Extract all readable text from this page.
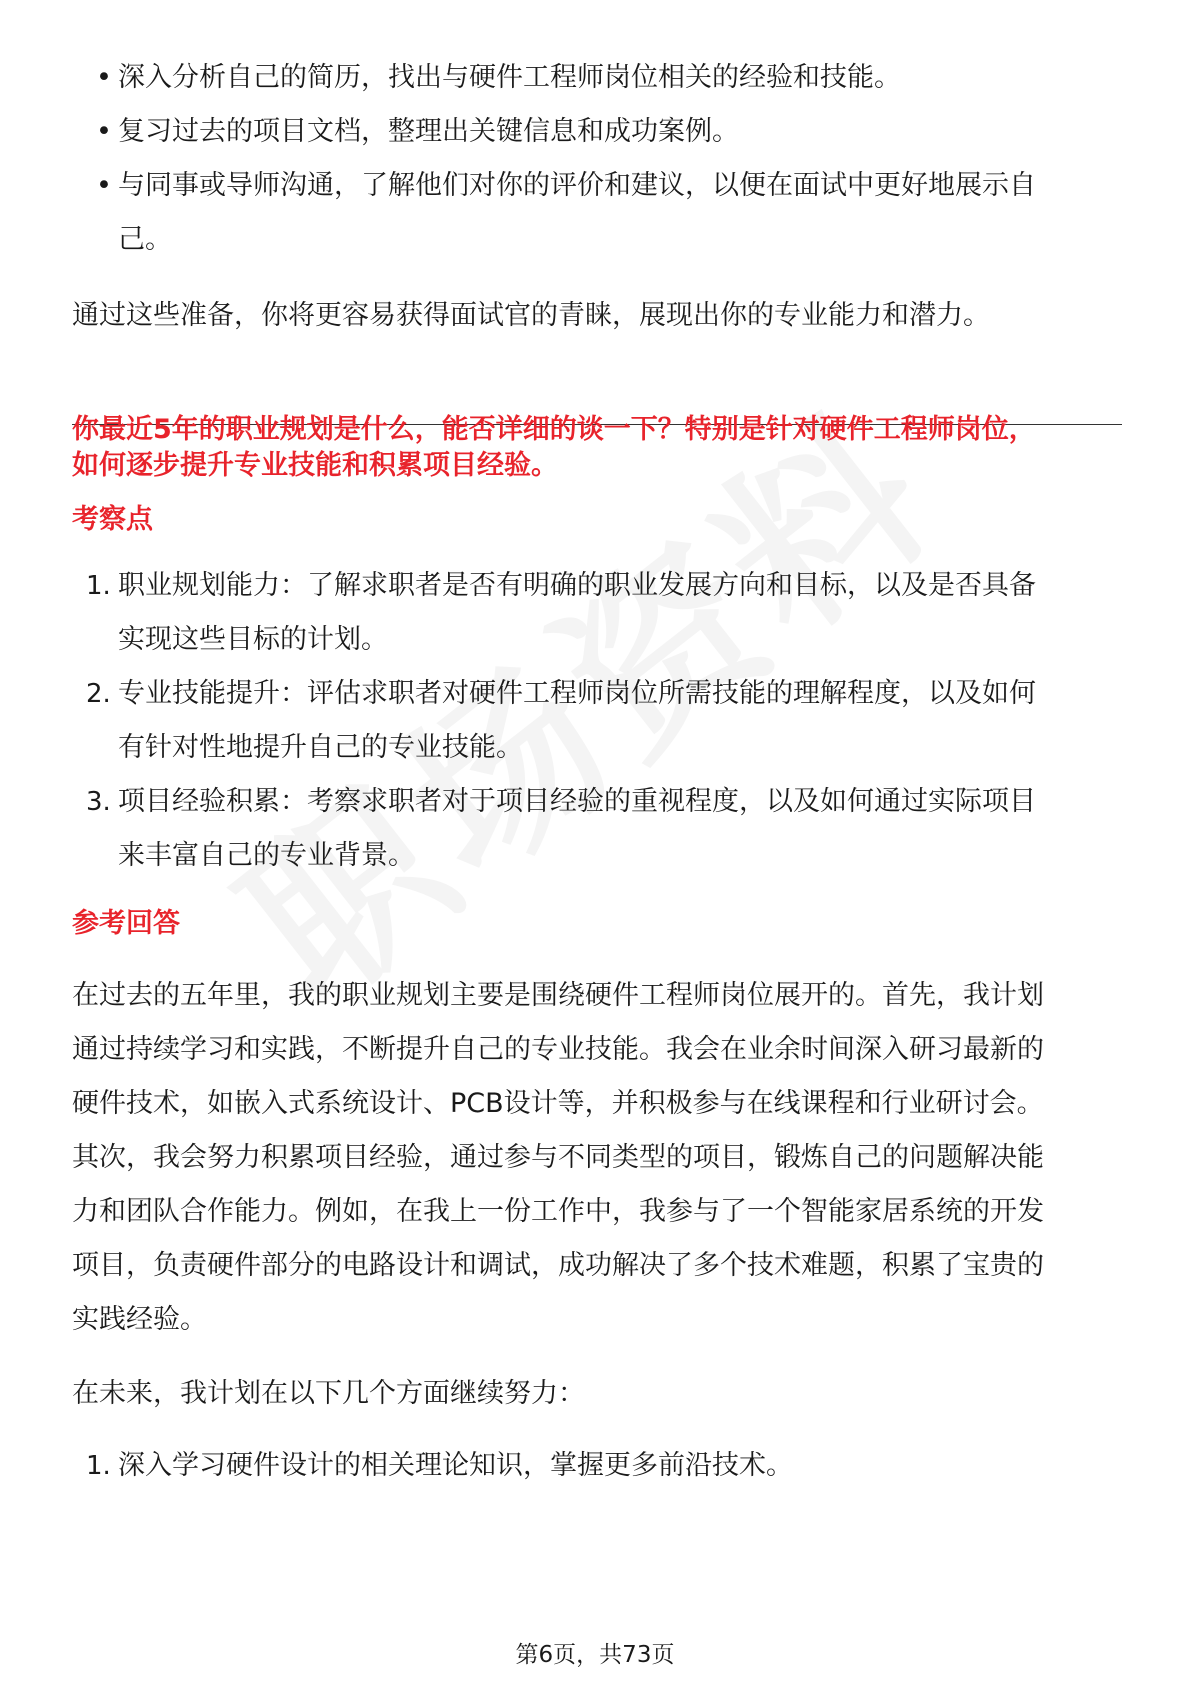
• 深入分析自己的简历，找出与硬件工程师岗位相关的经验和技能。
• 复习过去的项目文档，整理出关键信息和成功案例。
• 与同事或导师沟通，了解他们对你的评价和建议，以便在面试中更好地展示自
己。
通过这些准备，你将更容易获得面试官的青睐，展现出你的专业能力和潜力。
你最近5年的职业规划是什么，能否详细的谈一下？特别是针对硬件工程师岗位，
如何逐步提升专业技能和积累项目经验。
考察点
1. 职业规划能力：了解求职者是否有明确的职业发展方向和目标，以及是否具备
实现这些目标的计划。
2. 专业技能提升：评估求职者对硬件工程师岗位所需技能的理解程度，以及如何
有针对性地提升自己的专业技能。
3. 项目经验积累：考察求职者对于项目经验的重视程度，以及如何通过实际项目
来丰富自己的专业背景。
参考回答
在过去的五年里，我的职业规划主要是围绕硬件工程师岗位展开的。首先，我计划
通过持续学习和实践，不断提升自己的专业技能。我会在业余时间深入研习最新的
硬件技术，如嵌入式系统设计、PCB设计等，并积极参与在线课程和行业研讨会。
其次，我会努力积累项目经验，通过参与不同类型的项目，锻炼自己的问题解决能
力和团队合作能力。例如，在我上一份工作中，我参与了一个智能家居系统的开发
项目，负责硬件部分的电路设计和调试，成功解决了多个技术难题，积累了宝贵的
实践经验。
在未来，我计划在以下几个方面继续努力：
1. 深入学习硬件设计的相关理论知识，掌握更多前沿技术。
第6页，共73页
